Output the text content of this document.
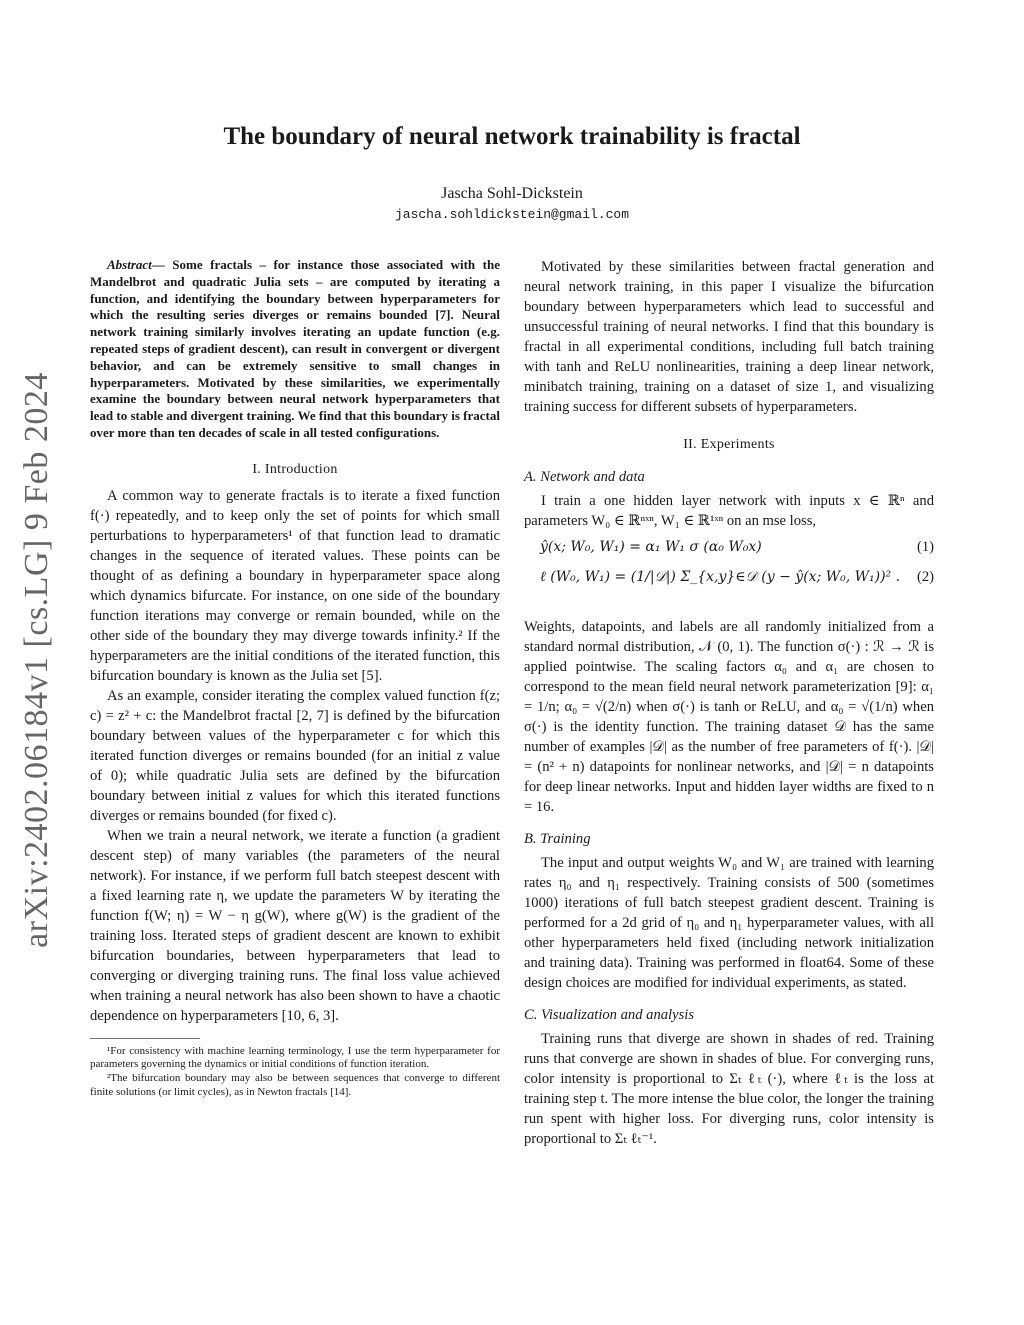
arXiv:2402.06184v1 [cs.LG] 9 Feb 2024
The boundary of neural network trainability is fractal
Jascha Sohl-Dickstein
jascha.sohldickstein@gmail.com

Abstract— Some fractals – for instance those associated with the Mandelbrot and quadratic Julia sets – are computed by iterating a function, and identifying the boundary between hyperparameters for which the resulting series diverges or remains bounded [7]. Neural network training similarly involves iterating an update function (e.g. repeated steps of gradient descent), can result in convergent or divergent behavior, and can be extremely sensitive to small changes in hyperparameters. Motivated by these similarities, we experimentally examine the boundary between neural network hyperparameters that lead to stable and divergent training. We find that this boundary is fractal over more than ten decades of scale in all tested configurations.

I. Introduction

A common way to generate fractals is to iterate a fixed function f(·) repeatedly, and to keep only the set of points for which small perturbations to hyperparameters¹ of that function lead to dramatic changes in the sequence of iterated values. These points can be thought of as defining a boundary in hyperparameter space along which dynamics bifurcate. For instance, on one side of the boundary function iterations may converge or remain bounded, while on the other side of the boundary they may diverge towards infinity.² If the hyperparameters are the initial conditions of the iterated function, this bifurcation boundary is known as the Julia set [5].

As an example, consider iterating the complex valued function f(z; c) = z² + c: the Mandelbrot fractal [2, 7] is defined by the bifurcation boundary between values of the hyperparameter c for which this iterated function diverges or remains bounded (for an initial z value of 0); while quadratic Julia sets are defined by the bifurcation boundary between initial z values for which this iterated functions diverges or remains bounded (for fixed c).

When we train a neural network, we iterate a function (a gradient descent step) of many variables (the parameters of the neural network). For instance, if we perform full batch steepest descent with a fixed learning rate η, we update the parameters W by iterating the function f(W; η) = W − η g(W), where g(W) is the gradient of the training loss. Iterated steps of gradient descent are known to exhibit bifurcation boundaries, between hyperparameters that lead to converging or diverging training runs. The final loss value achieved when training a neural network has also been shown to have a chaotic dependence on hyperparameters [10, 6, 3].

¹For consistency with machine learning terminology, I use the term hyperparameter for parameters governing the dynamics or initial conditions of function iteration.

²The bifurcation boundary may also be between sequences that converge to different finite solutions (or limit cycles), as in Newton fractals [14].

Motivated by these similarities between fractal generation and neural network training, in this paper I visualize the bifurcation boundary between hyperparameters which lead to successful and unsuccessful training of neural networks. I find that this boundary is fractal in all experimental conditions, including full batch training with tanh and ReLU nonlinearities, training a deep linear network, minibatch training, training on a dataset of size 1, and visualizing training success for different subsets of hyperparameters.

II. Experiments
A. Network and data

I train a one hidden layer network with inputs x ∈ ℝⁿ and parameters W₀ ∈ ℝⁿˣⁿ, W₁ ∈ ℝ¹ˣⁿ on an mse loss,

ŷ(x; W₀, W₁) = α₁ W₁ σ (α₀ W₀x)	(1)
ℓ (W₀, W₁) = (1/|𝒟|) Σ_{x,y}∈𝒟 (y − ŷ(x; W₀, W₁))² . (2)

Weights, datapoints, and labels are all randomly initialized from a standard normal distribution, 𝒩 (0, 1). The function σ(·) : ℛ → ℛ is applied pointwise. The scaling factors α₀ and α₁ are chosen to correspond to the mean field neural network parameterization [9]: α₁ = 1/n; α₀ = √(2/n) when σ(·) is tanh or ReLU, and α₀ = √(1/n) when σ(·) is the identity function. The training dataset 𝒟 has the same number of examples |𝒟| as the number of free parameters of f(·). |𝒟| = (n² + n) datapoints for nonlinear networks, and |𝒟| = n datapoints for deep linear networks. Input and hidden layer widths are fixed to n = 16.

B. Training

The input and output weights W₀ and W₁ are trained with learning rates η₀ and η₁ respectively. Training consists of 500 (sometimes 1000) iterations of full batch steepest gradient descent. Training is performed for a 2d grid of η₀ and η₁ hyperparameter values, with all other hyperparameters held fixed (including network initialization and training data). Training was performed in float64. Some of these design choices are modified for individual experiments, as stated.

C. Visualization and analysis

Training runs that diverge are shown in shades of red. Training runs that converge are shown in shades of blue. For converging runs, color intensity is proportional to Σₜ ℓₜ (·), where ℓₜ is the loss at training step t. The more intense the blue color, the longer the training run spent with higher loss. For diverging runs, color intensity is proportional to Σₜ ℓₜ⁻¹.
